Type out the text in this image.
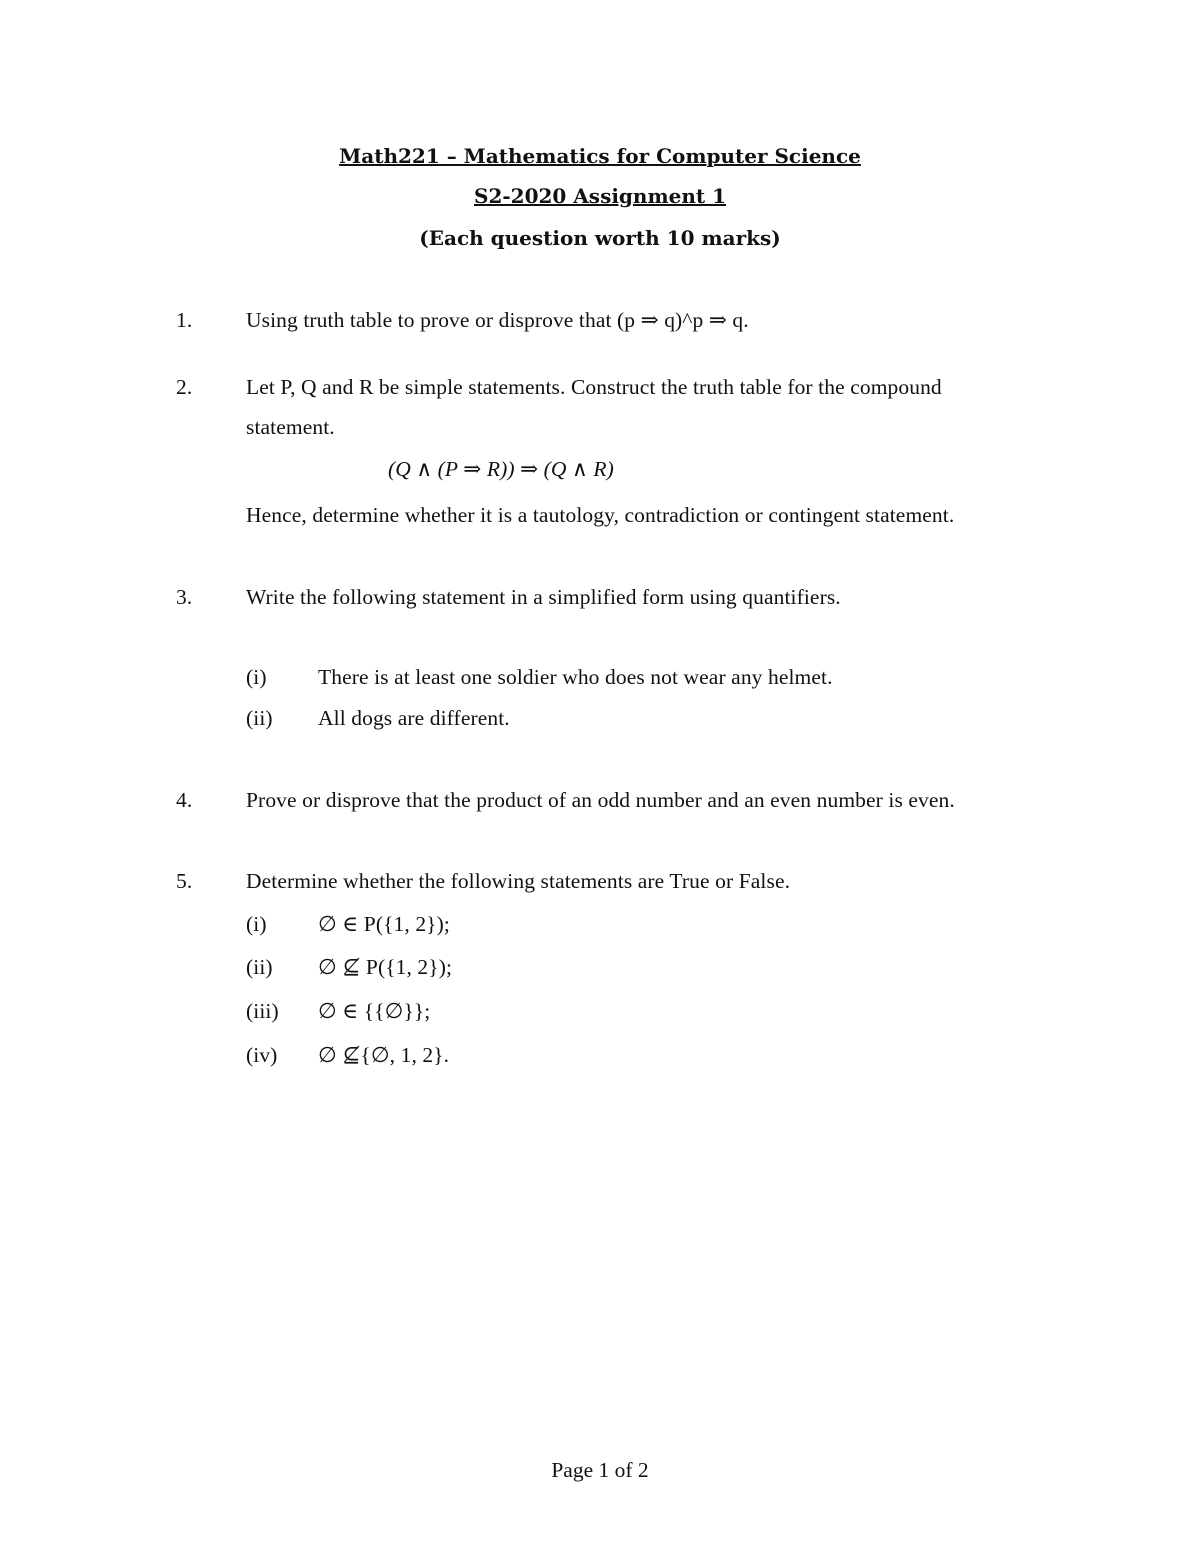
Math221 – Mathematics for Computer Science
S2-2020 Assignment 1
(Each question worth 10 marks)
1. Using truth table to prove or disprove that (p ⇒ q)^p ⇒ q.
2. Let P, Q and R be simple statements. Construct the truth table for the compound
statement.
(Q ∧ (P ⇒ R)) ⇒ (Q ∧ R)
Hence, determine whether it is a tautology, contradiction or contingent statement.
3. Write the following statement in a simplified form using quantifiers.
(i) There is at least one soldier who does not wear any helmet.
(ii) All dogs are different.
4. Prove or disprove that the product of an odd number and an even number is even.
5. Determine whether the following statements are True or False.
(i) ∅ ∈ P({1, 2});
(ii) ∅ ⊈ P({1, 2});
(iii) ∅ ∈ {{∅}};
(iv) ∅ ⊈{∅, 1, 2}.
Page 1 of 2
